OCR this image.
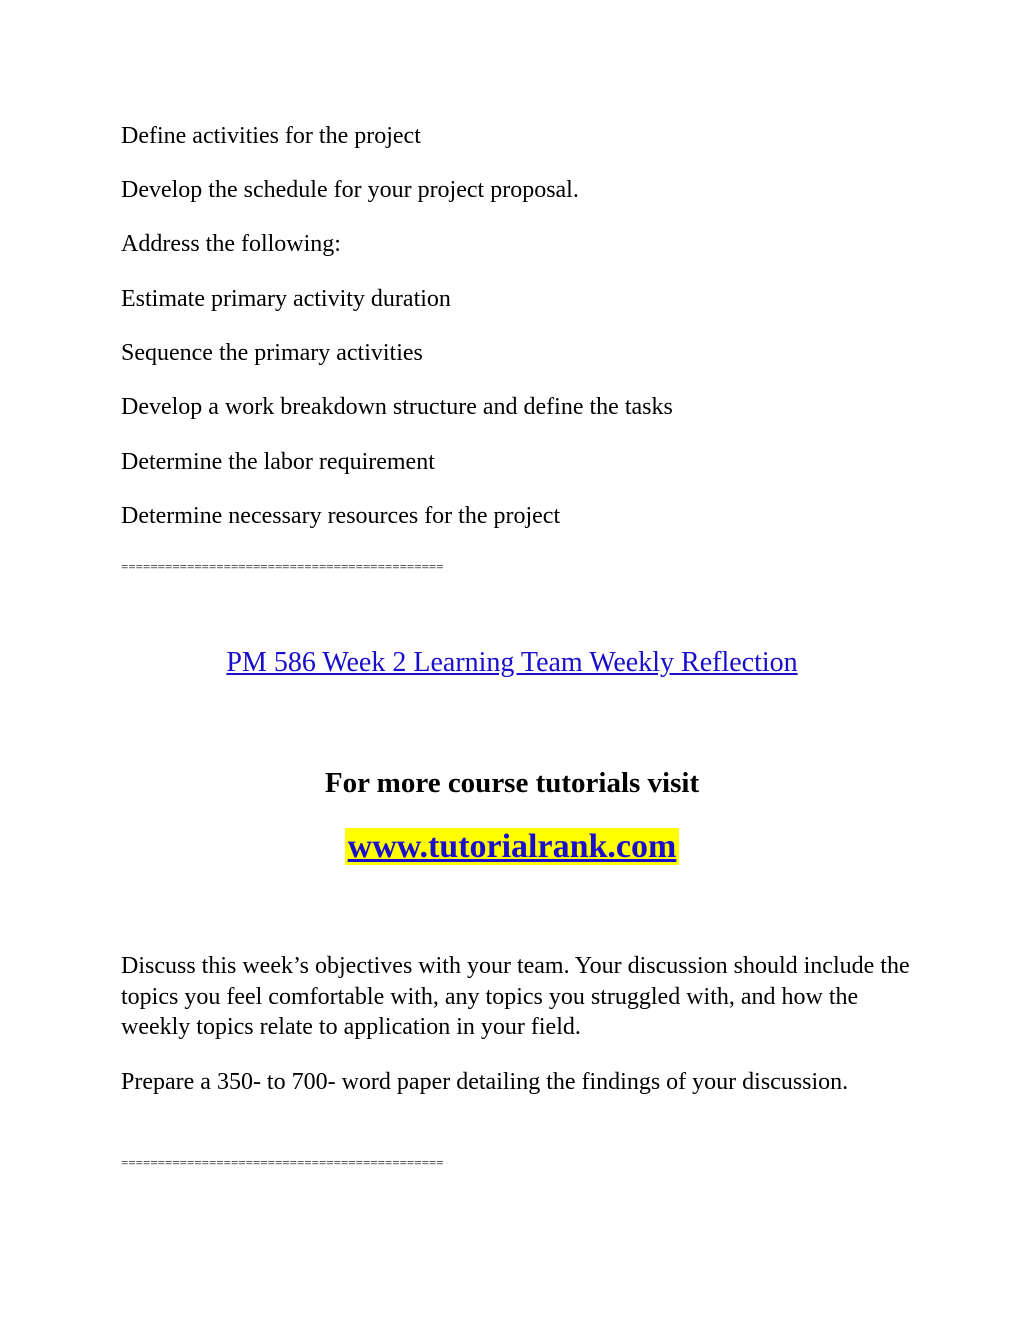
Define activities for the project
Develop the schedule for your project proposal.
Address the following:
Estimate primary activity duration
Sequence the primary activities
Develop a work breakdown structure and define the tasks
Determine the labor requirement
Determine necessary resources for the project
============================================
PM 586 Week 2 Learning Team Weekly Reflection
For more course tutorials visit
www.tutorialrank.com
Discuss this week’s objectives with your team. Your discussion should include the topics you feel comfortable with, any topics you struggled with, and how the weekly topics relate to application in your field.
Prepare a 350- to 700- word paper detailing the findings of your discussion.
============================================
